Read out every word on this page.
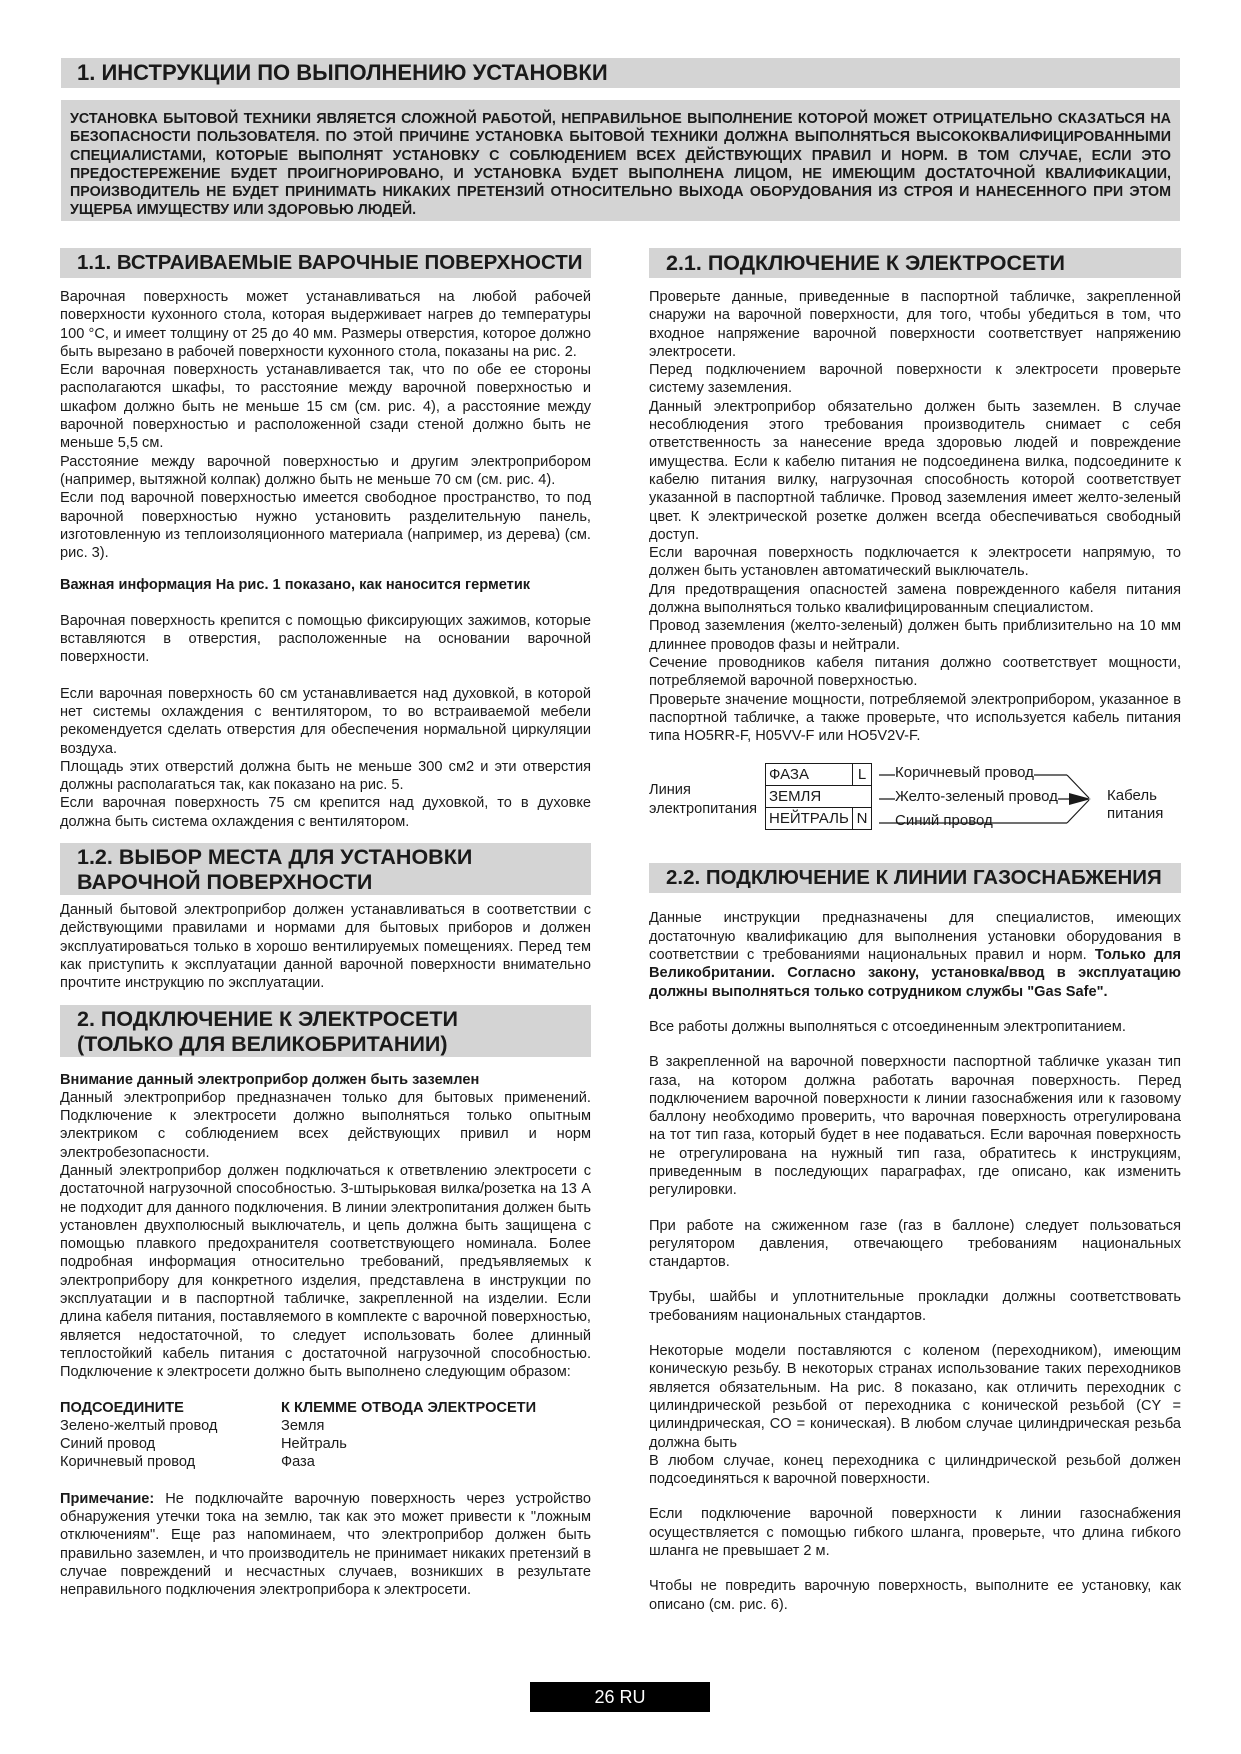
1. ИНСТРУКЦИИ ПО ВЫПОЛНЕНИЮ УСТАНОВКИ

УСТАНОВКА БЫТОВОЙ ТЕХНИКИ ЯВЛЯЕТСЯ СЛОЖНОЙ РАБОТОЙ, НЕПРАВИЛЬНОЕ ВЫПОЛНЕНИЕ КОТОРОЙ МОЖЕТ ОТРИЦАТЕЛЬНО СКАЗАТЬСЯ НА БЕЗОПАСНОСТИ ПОЛЬЗОВАТЕЛЯ. ПО ЭТОЙ ПРИЧИНЕ УСТАНОВКА БЫТОВОЙ ТЕХНИКИ ДОЛЖНА ВЫПОЛНЯТЬСЯ ВЫСОКОКВАЛИФИЦИРОВАННЫМИ СПЕЦИАЛИСТАМИ, КОТОРЫЕ ВЫПОЛНЯТ УСТАНОВКУ С СОБЛЮДЕНИЕМ ВСЕХ ДЕЙСТВУЮЩИХ ПРАВИЛ И НОРМ. В ТОМ СЛУЧАЕ, ЕСЛИ ЭТО ПРЕДОСТЕРЕЖЕНИЕ БУДЕТ ПРОИГНОРИРОВАНО, И УСТАНОВКА БУДЕТ ВЫПОЛНЕНА ЛИЦОМ, НЕ ИМЕЮЩИМ ДОСТАТОЧНОЙ КВАЛИФИКАЦИИ, ПРОИЗВОДИТЕЛЬ НЕ БУДЕТ ПРИНИМАТЬ НИКАКИХ ПРЕТЕНЗИЙ ОТНОСИТЕЛЬНО ВЫХОДА ОБОРУДОВАНИЯ ИЗ СТРОЯ И НАНЕСЕННОГО ПРИ ЭТОМ УЩЕРБА ИМУЩЕСТВУ ИЛИ ЗДОРОВЬЮ ЛЮДЕЙ.

1.1. ВСТРАИВАЕМЫЕ ВАРОЧНЫЕ ПОВЕРХНОСТИ

Варочная поверхность может устанавливаться на любой рабочей поверхности кухонного стола, которая выдерживает нагрев до температуры 100 °C, и имеет толщину от 25 до 40 мм. Размеры отверстия, которое должно быть вырезано в рабочей поверхности кухонного стола, показаны на рис. 2.

Если варочная поверхность устанавливается так, что по обе ее стороны располагаются шкафы, то расстояние между варочной поверхностью и шкафом должно быть не меньше 15 см (см. рис. 4), а расстояние между варочной поверхностью и расположенной сзади стеной должно быть не меньше 5,5 см.

Расстояние между варочной поверхностью и другим электроприбором (например, вытяжной колпак) должно быть не меньше 70 см (см. рис. 4).

Если под варочной поверхностью имеется свободное пространство, то под варочной поверхностью нужно установить разделительную панель, изготовленную из теплоизоляционного материала (например, из дерева) (см. рис. 3).

Важная информация На рис. 1 показано, как наносится герметик

Варочная поверхность крепится с помощью фиксирующих зажимов, которые вставляются в отверстия, расположенные на основании варочной поверхности.

Если варочная поверхность 60 см устанавливается над духовкой, в которой нет системы охлаждения с вентилятором, то во встраиваемой мебели рекомендуется сделать отверстия для обеспечения нормальной циркуляции воздуха.

Площадь этих отверстий должна быть не меньше 300 см2 и эти отверстия должны располагаться так, как показано на рис. 5.

Если варочная поверхность 75 см крепится над духовкой, то в духовке должна быть система охлаждения с вентилятором.

1.2. ВЫБОР МЕСТА ДЛЯ УСТАНОВКИ
ВАРОЧНОЙ ПОВЕРХНОСТИ

Данный бытовой электроприбор должен устанавливаться в соответствии с действующими правилами и нормами для бытовых приборов и должен эксплуатироваться только в хорошо вентилируемых помещениях. Перед тем как приступить к эксплуатации данной варочной поверхности внимательно прочтите инструкцию по эксплуатации.

2. ПОДКЛЮЧЕНИЕ К ЭЛЕКТРОСЕТИ
(ТОЛЬКО ДЛЯ ВЕЛИКОБРИТАНИИ)

Внимание данный электроприбор должен быть заземлен

Данный электроприбор предназначен только для бытовых применений. Подключение к электросети должно выполняться только опытным электриком с соблюдением всех действующих привил и норм электробезопасности.

Данный электроприбор должен подключаться к ответвлению электросети с достаточной нагрузочной способностью. 3-штырьковая вилка/розетка на 13 А не подходит для данного подключения. В линии электропитания должен быть установлен двухполюсный выключатель, и цепь должна быть защищена с помощью плавкого предохранителя соответствующего номинала. Более подробная информация относительно требований, предъявляемых к электроприбору для конкретного изделия, представлена в инструкции по эксплуатации и в паспортной табличке, закрепленной на изделии. Если длина кабеля питания, поставляемого в комплекте с варочной поверхностью, является недостаточной, то следует использовать более длинный теплостойкий кабель питания с достаточной нагрузочной способностью. Подключение к электросети должно быть выполнено следующим образом:

ПОДСОЕДИНИТЕ	К КЛЕММЕ ОТВОДА ЭЛЕКТРОСЕТИ
Зелено-желтый провод	Земля
Синий провод	Нейтраль
Коричневый провод	Фаза

Примечание: Не подключайте варочную поверхность через устройство обнаружения утечки тока на землю, так как это может привести к "ложным отключениям". Еще раз напоминаем, что электроприбор должен быть правильно заземлен, и что производитель не принимает никаких претензий в случае повреждений и несчастных случаев, возникших в результате неправильного подключения электроприбора к электросети.

2.1. ПОДКЛЮЧЕНИЕ К ЭЛЕКТРОСЕТИ

Проверьте данные, приведенные в паспортной табличке, закрепленной снаружи на варочной поверхности, для того, чтобы убедиться в том, что входное напряжение варочной поверхности соответствует напряжению электросети.

Перед подключением варочной поверхности к электросети проверьте систему заземления.

Данный электроприбор обязательно должен быть заземлен. В случае несоблюдения этого требования производитель снимает с себя ответственность за нанесение вреда здоровью людей и повреждение имущества. Если к кабелю питания не подсоединена вилка, подсоедините к кабелю питания вилку, нагрузочная способность которой соответствует указанной в паспортной табличке. Провод заземления имеет желто-зеленый цвет. К электрической розетке должен всегда обеспечиваться свободный доступ.

Если варочная поверхность подключается к электросети напрямую, то должен быть установлен автоматический выключатель.

Для предотвращения опасностей замена поврежденного кабеля питания должна выполняться только квалифицированным специалистом.

Провод заземления (желто-зеленый) должен быть приблизительно на 10 мм длиннее проводов фазы и нейтрали.

Сечение проводников кабеля питания должно соответствует мощности, потребляемой варочной поверхностью.

Проверьте значение мощности, потребляемой электроприбором, указанное в паспортной табличке, а также проверьте, что используется кабель питания типа HO5RR-F, H05VV-F или HO5V2V-F.

Линия
электропитания
ФАЗА	L
ЗЕМЛЯ	
НЕЙТРАЛЬ	N
Коричневый провод
Желто-зеленый провод
Синий провод
Кабель
питания
2.2. ПОДКЛЮЧЕНИЕ К ЛИНИИ ГАЗОСНАБЖЕНИЯ

Данные инструкции предназначены для специалистов, имеющих достаточную квалификацию для выполнения установки оборудования в соответствии с требованиями национальных правил и норм. Только для Великобритании. Согласно закону, установка/ввод в эксплуатацию должны выполняться только сотрудником службы "Gas Safe".

Все работы должны выполняться с отсоединенным электропитанием.

В закрепленной на варочной поверхности паспортной табличке указан тип газа, на котором должна работать варочная поверхность. Перед подключением варочной поверхности к линии газоснабжения или к газовому баллону необходимо проверить, что варочная поверхность отрегулирована на тот тип газа, который будет в нее подаваться. Если варочная поверхность не отрегулирована на нужный тип газа, обратитесь к инструкциям, приведенным в последующих параграфах, где описано, как изменить регулировки.

При работе на сжиженном газе (газ в баллоне) следует пользоваться регулятором давления, отвечающего требованиям национальных стандартов.

Трубы, шайбы и уплотнительные прокладки должны соответствовать требованиям национальных стандартов.

Некоторые модели поставляются с коленом (переходником), имеющим коническую резьбу. В некоторых странах использование таких переходников является обязательным. На рис. 8 показано, как отличить переходник с цилиндрической резьбой от переходника с конической резьбой (CY = цилиндрическая, CO = коническая). В любом случае цилиндрическая резьба должна быть

В любом случае, конец переходника с цилиндрической резьбой должен подсоединяться к варочной поверхности.

Если подключение варочной поверхности к линии газоснабжения осуществляется с помощью гибкого шланга, проверьте, что длина гибкого шланга не превышает 2 м.

Чтобы не повредить варочную поверхность, выполните ее установку, как описано (см. рис. 6).

26 RU
